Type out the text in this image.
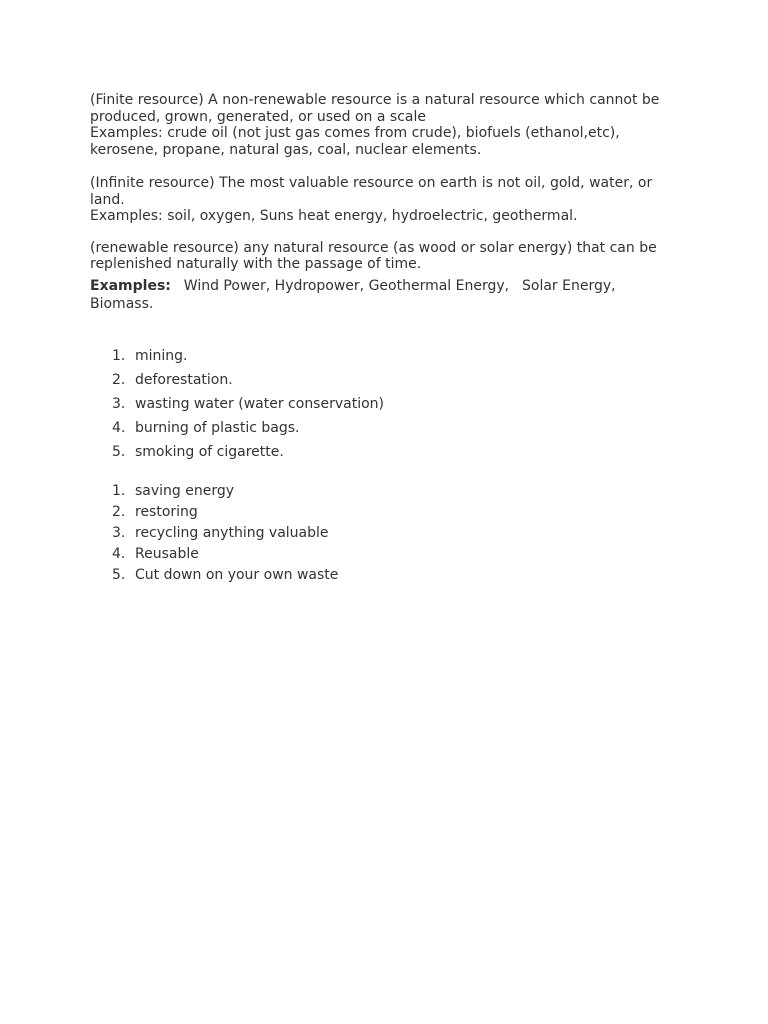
(Finite resource) A non-renewable resource is a natural resource which cannot be produced, grown, generated, or used on a scale
Examples: crude oil (not just gas comes from crude), biofuels (ethanol,etc), kerosene, propane, natural gas, coal, nuclear elements.

(Infinite resource) The most valuable resource on earth is not oil, gold, water, or land.
Examples: soil, oxygen, Suns heat energy, hydroelectric, geothermal.

(renewable resource) any natural resource (as wood or solar energy) that can be replenished naturally with the passage of time.

Examples: Wind Power, Hydropower, Geothermal Energy, Solar Energy,  Biomass.
1. mining.
2. deforestation.
3. wasting water (water conservation)
4. burning of plastic bags.
5. smoking of cigarette.
1. saving energy
2. restoring
3. recycling anything valuable
4. Reusable
5. Cut down on your own waste
